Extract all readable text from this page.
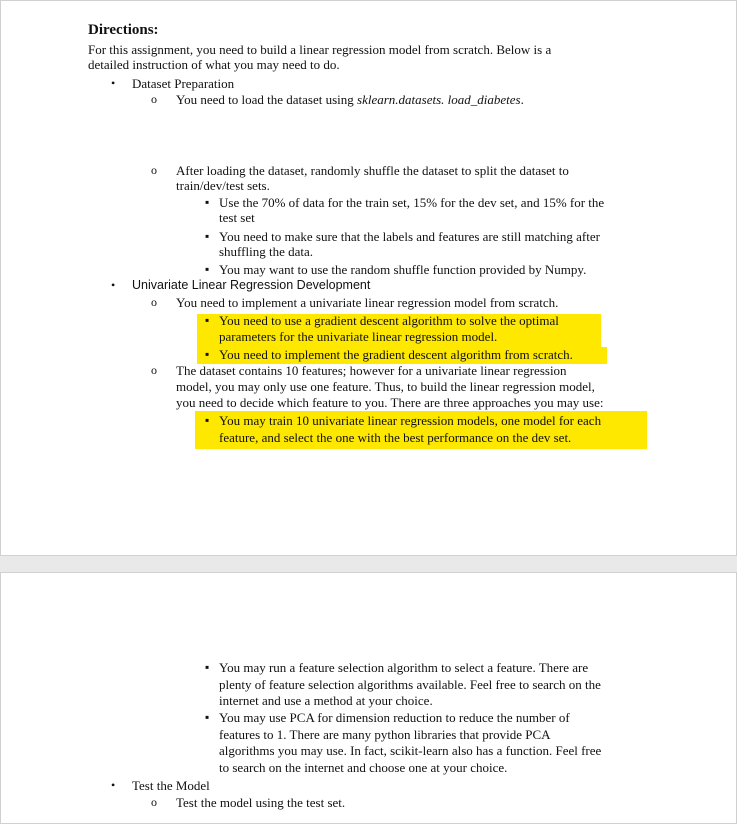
Directions:
For this assignment, you need to build a linear regression model from scratch. Below is a
detailed instruction of what you may need to do.
• Dataset Preparation
o You need to load the dataset using sklearn.datasets. load_diabetes.
o After loading the dataset, randomly shuffle the dataset to split the dataset to
train/dev/test sets.
▪ Use the 70% of data for the train set, 15% for the dev set, and 15% for the
test set
▪ You need to make sure that the labels and features are still matching after
shuffling the data.
▪ You may want to use the random shuffle function provided by Numpy.
• Univariate Linear Regression Development
o You need to implement a univariate linear regression model from scratch.
▪ You need to use a gradient descent algorithm to solve the optimal
parameters for the univariate linear regression model.
▪ You need to implement the gradient descent algorithm from scratch.
o The dataset contains 10 features; however for a univariate linear regression
model, you may only use one feature. Thus, to build the linear regression model,
you need to decide which feature to you. There are three approaches you may use:
▪ You may train 10 univariate linear regression models, one model for each
feature, and select the one with the best performance on the dev set.
▪ You may run a feature selection algorithm to select a feature. There are
plenty of feature selection algorithms available. Feel free to search on the
internet and use a method at your choice.
▪ You may use PCA for dimension reduction to reduce the number of
features to 1. There are many python libraries that provide PCA
algorithms you may use. In fact, scikit-learn also has a function. Feel free
to search on the internet and choose one at your choice.
• Test the Model
o Test the model using the test set.
